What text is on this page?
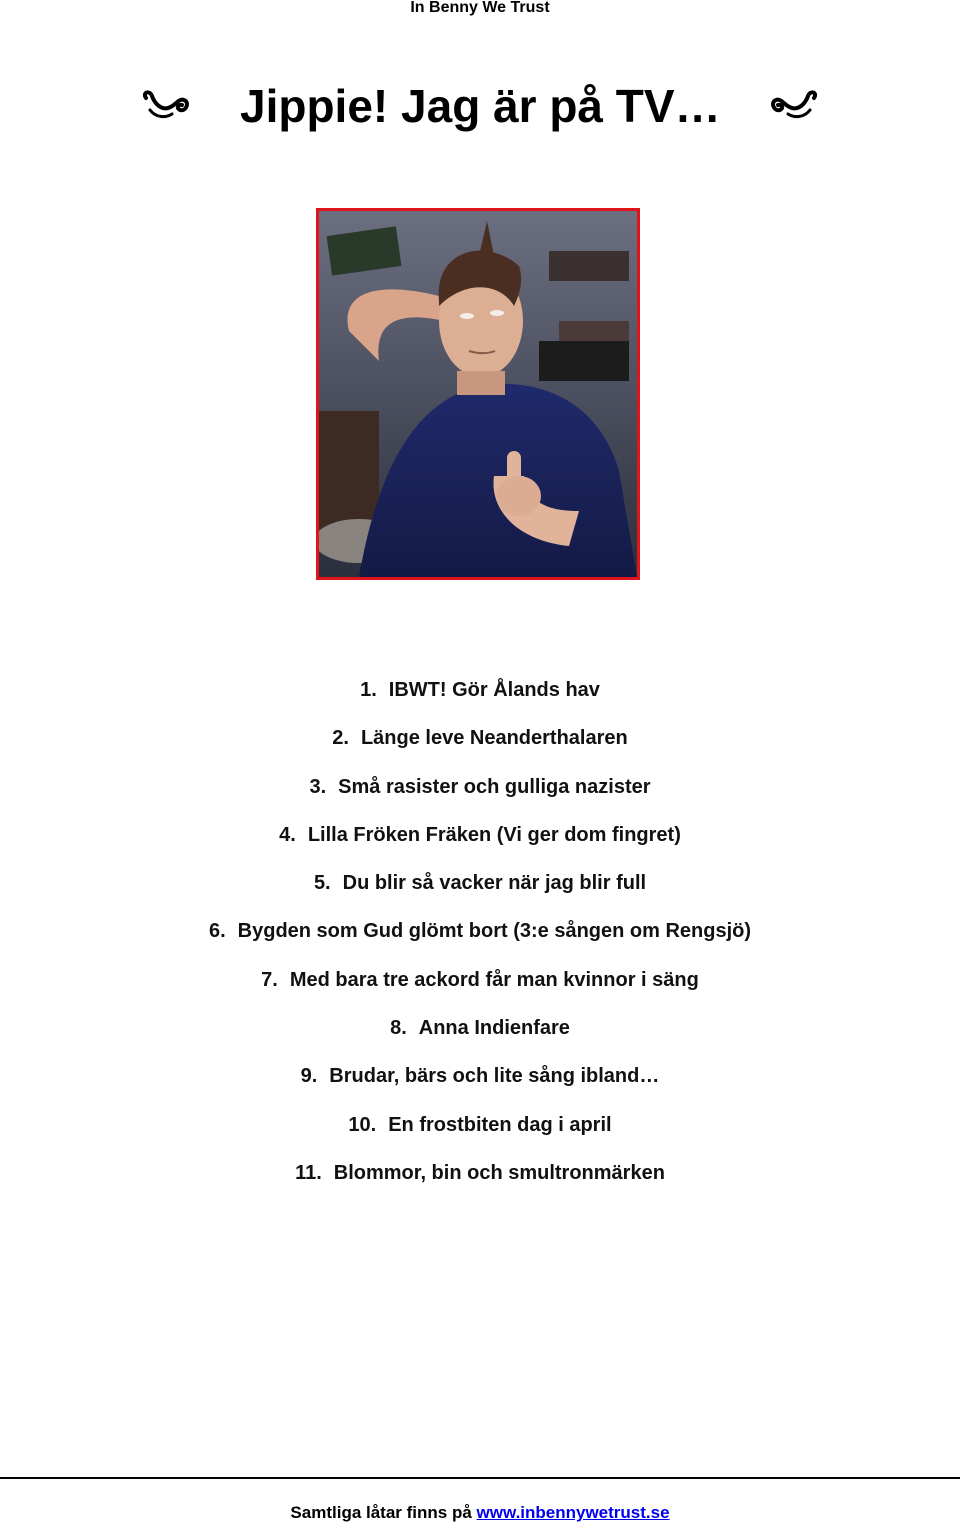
In Benny We Trust
Jippie! Jag är på TV…
1. IBWT! Gör Ålands hav
2. Länge leve Neanderthalaren
3. Små rasister och gulliga nazister
4. Lilla Fröken Fräken (Vi ger dom fingret)
5. Du blir så vacker när jag blir full
6. Bygden som Gud glömt bort (3:e sången om Rengsjö)
7. Med bara tre ackord får man kvinnor i säng
8. Anna Indienfare
9. Brudar, bärs och lite sång ibland…
10. En frostbiten dag i april
11. Blommor, bin och smultronmärken
Samtliga låtar finns på www.inbennywetrust.se
